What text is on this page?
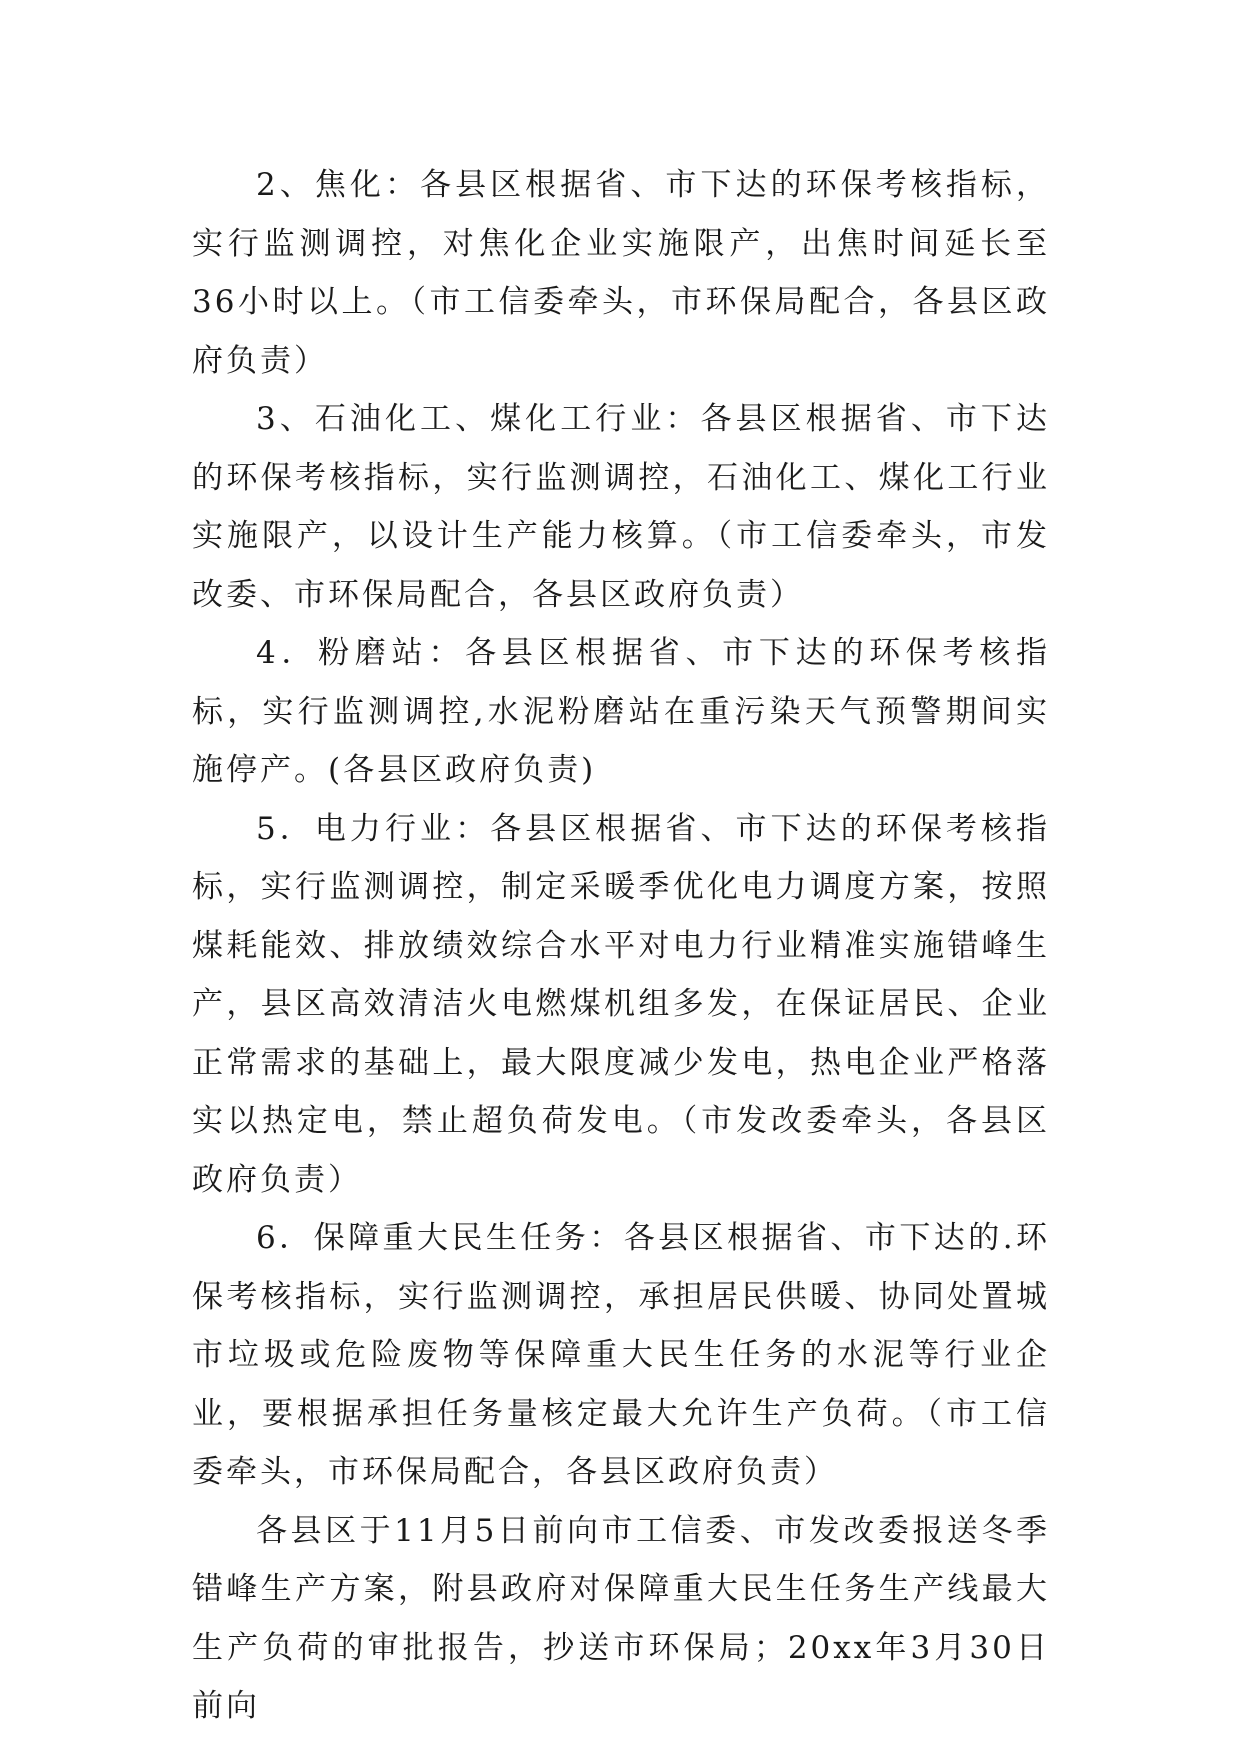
2、焦化：各县区根据省、市下达的环保考核指标，实行监测调控，对焦化企业实施限产，出焦时间延长至36小时以上。（市工信委牵头，市环保局配合，各县区政府负责）

3、石油化工、煤化工行业：各县区根据省、市下达的环保考核指标，实行监测调控，石油化工、煤化工行业实施限产，以设计生产能力核算。（市工信委牵头，市发改委、市环保局配合，各县区政府负责）

4．粉磨站：各县区根据省、市下达的环保考核指标，实行监测调控,水泥粉磨站在重污染天气预警期间实施停产。(各县区政府负责)

5．电力行业：各县区根据省、市下达的环保考核指标，实行监测调控，制定采暖季优化电力调度方案，按照煤耗能效、排放绩效综合水平对电力行业精准实施错峰生产，县区高效清洁火电燃煤机组多发，在保证居民、企业正常需求的基础上，最大限度减少发电，热电企业严格落实以热定电，禁止超负荷发电。（市发改委牵头，各县区政府负责）

6．保障重大民生任务：各县区根据省、市下达的.环保考核指标，实行监测调控，承担居民供暖、协同处置城市垃圾或危险废物等保障重大民生任务的水泥等行业企业，要根据承担任务量核定最大允许生产负荷。（市工信委牵头，市环保局配合，各县区政府负责）

各县区于11月5日前向市工信委、市发改委报送冬季错峰生产方案，附县政府对保障重大民生任务生产线最大生产负荷的审批报告，抄送市环保局；20xx年3月30日前向
